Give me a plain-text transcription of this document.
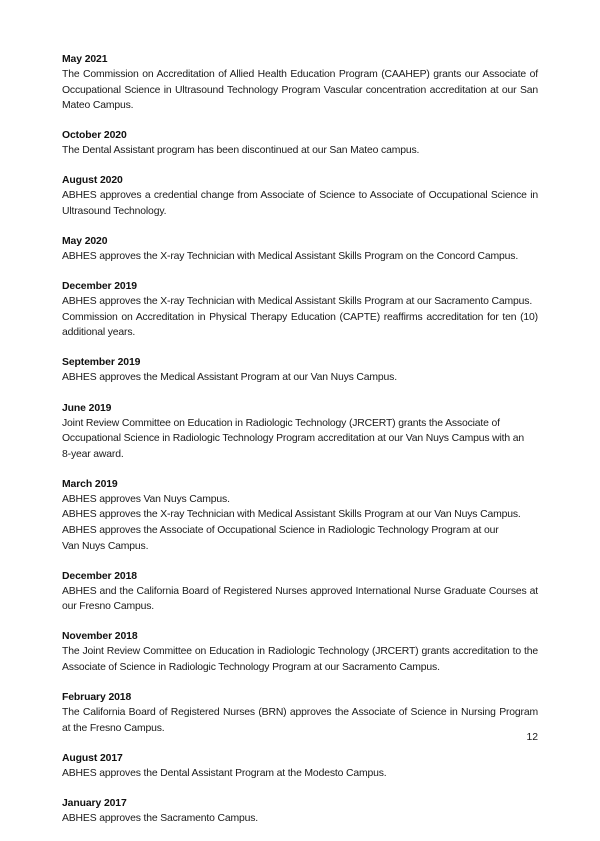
May 2021

The Commission on Accreditation of Allied Health Education Program (CAAHEP) grants our Associate of Occupational Science in Ultrasound Technology Program Vascular concentration accreditation at our San Mateo Campus.

October 2020

The Dental Assistant program has been discontinued at our San Mateo campus.

August 2020

ABHES approves a credential change from Associate of Science to Associate of Occupational Science in Ultrasound Technology.

May 2020

ABHES approves the X-ray Technician with Medical Assistant Skills Program on the Concord Campus.

December 2019

ABHES approves the X-ray Technician with Medical Assistant Skills Program at our Sacramento Campus.

Commission on Accreditation in Physical Therapy Education (CAPTE) reaffirms accreditation for ten (10) additional years.

September 2019

ABHES approves the Medical Assistant Program at our Van Nuys Campus.

June 2019

Joint Review Committee on Education in Radiologic Technology (JRCERT) grants the Associate of Occupational Science in Radiologic Technology Program accreditation at our Van Nuys Campus with an 8-year award.

March 2019

ABHES approves Van Nuys Campus.

ABHES approves the X-ray Technician with Medical Assistant Skills Program at our Van Nuys Campus.

ABHES approves the Associate of Occupational Science in Radiologic Technology Program at our Van Nuys Campus.

December 2018

ABHES and the California Board of Registered Nurses approved International Nurse Graduate Courses at our Fresno Campus.

November 2018

The Joint Review Committee on Education in Radiologic Technology (JRCERT) grants accreditation to the Associate of Science in Radiologic Technology Program at our Sacramento Campus.

February 2018

The California Board of Registered Nurses (BRN) approves the Associate of Science in Nursing Program at the Fresno Campus.

August 2017

ABHES approves the Dental Assistant Program at the Modesto Campus.

January 2017

ABHES approves the Sacramento Campus.

12
